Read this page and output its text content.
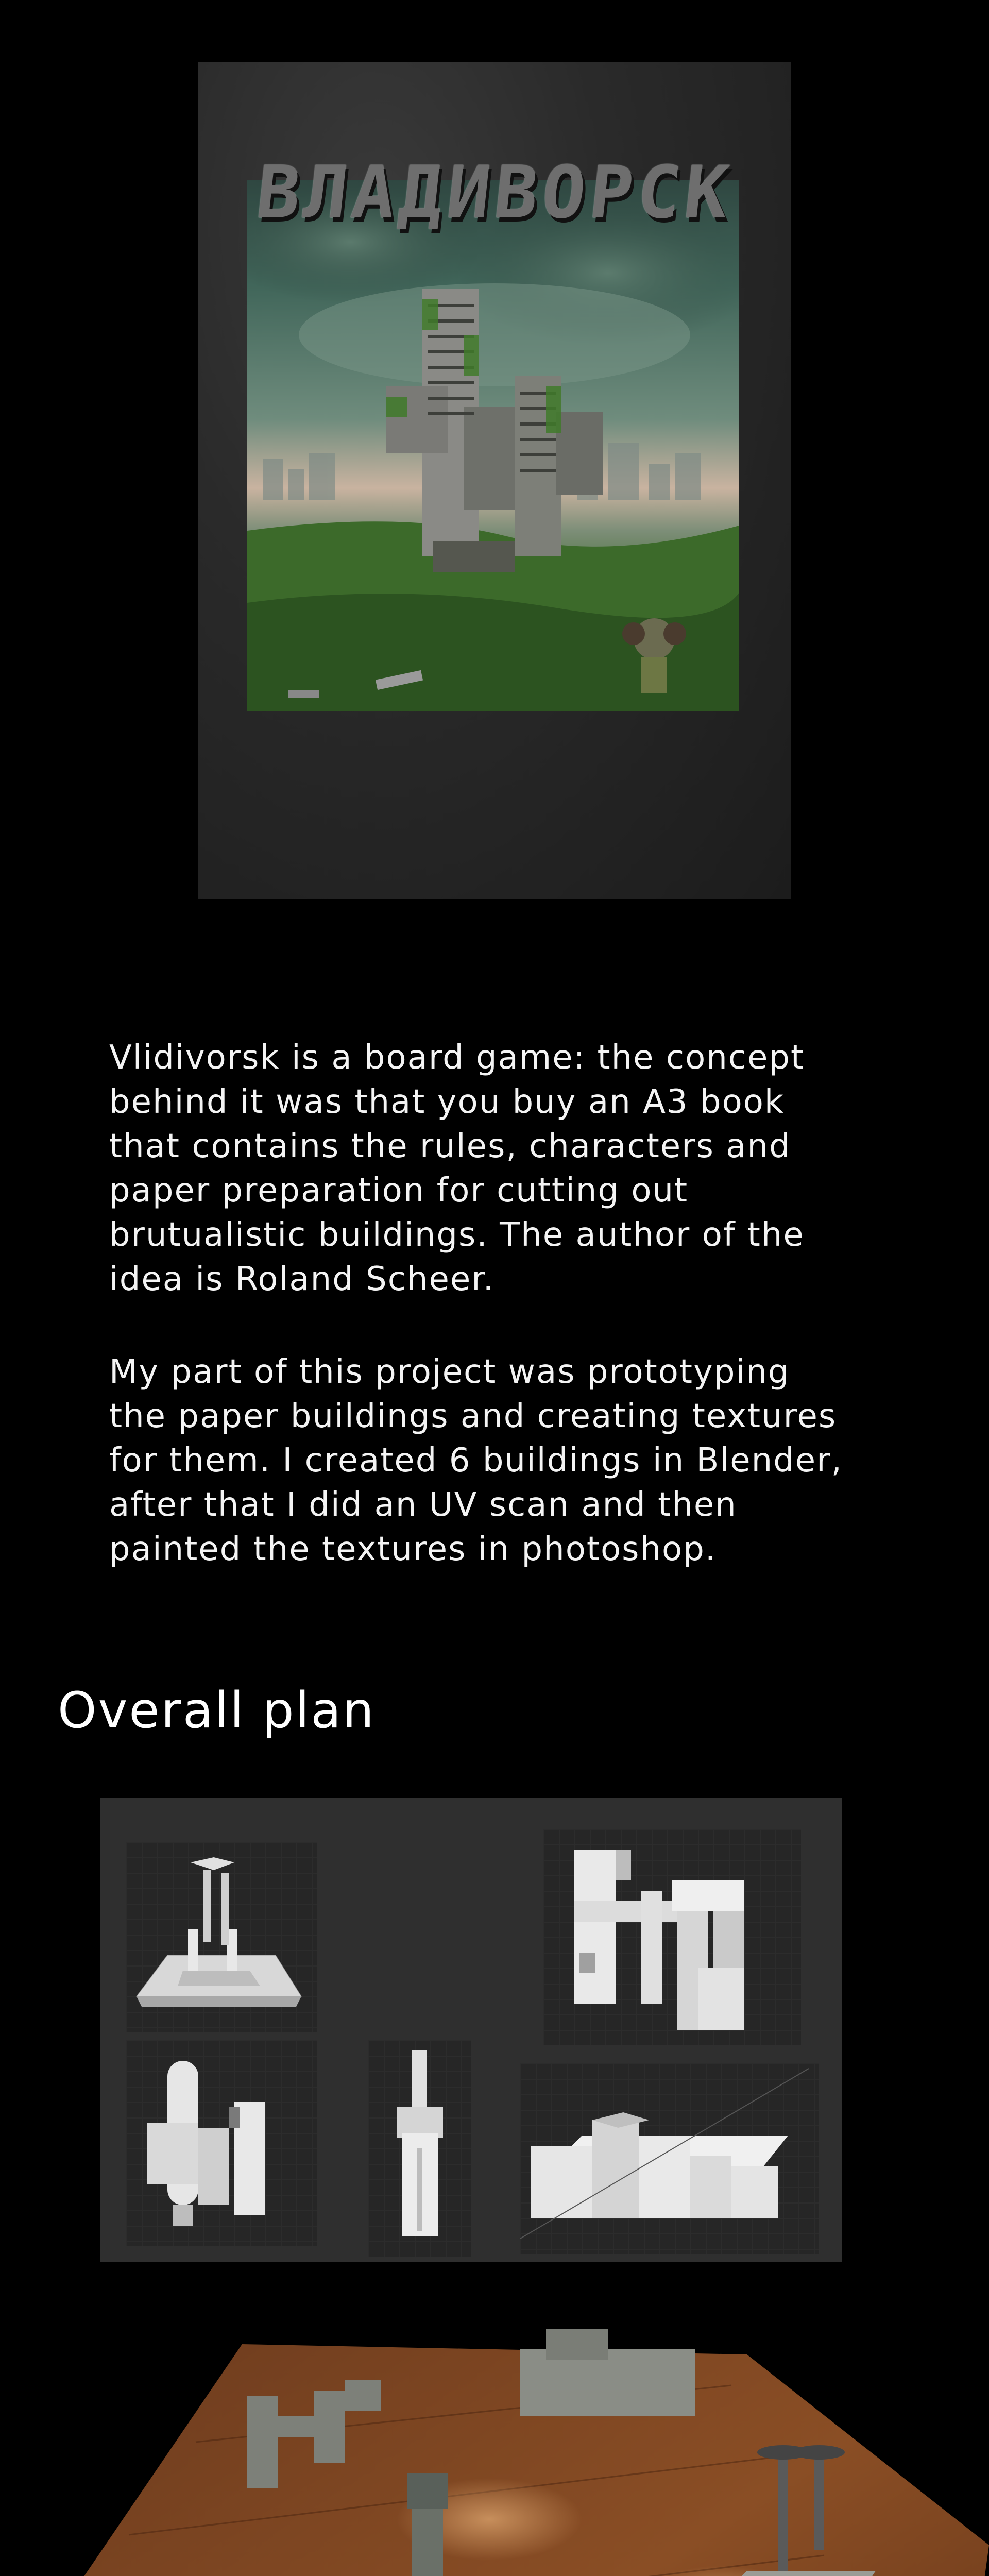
ВЛАДИВОРСК
Vlidivorsk is a board game: the concept
behind it was that you buy an A3 book
that contains the rules, characters and
paper preparation for cutting out
brutualistic buildings. The author of the
idea is Roland Scheer.
My part of this project was prototyping
the paper buildings and creating textures
for them. I created 6 buildings in Blender,
after that I did an UV scan and then
painted the textures in photoshop.
Overall plan
